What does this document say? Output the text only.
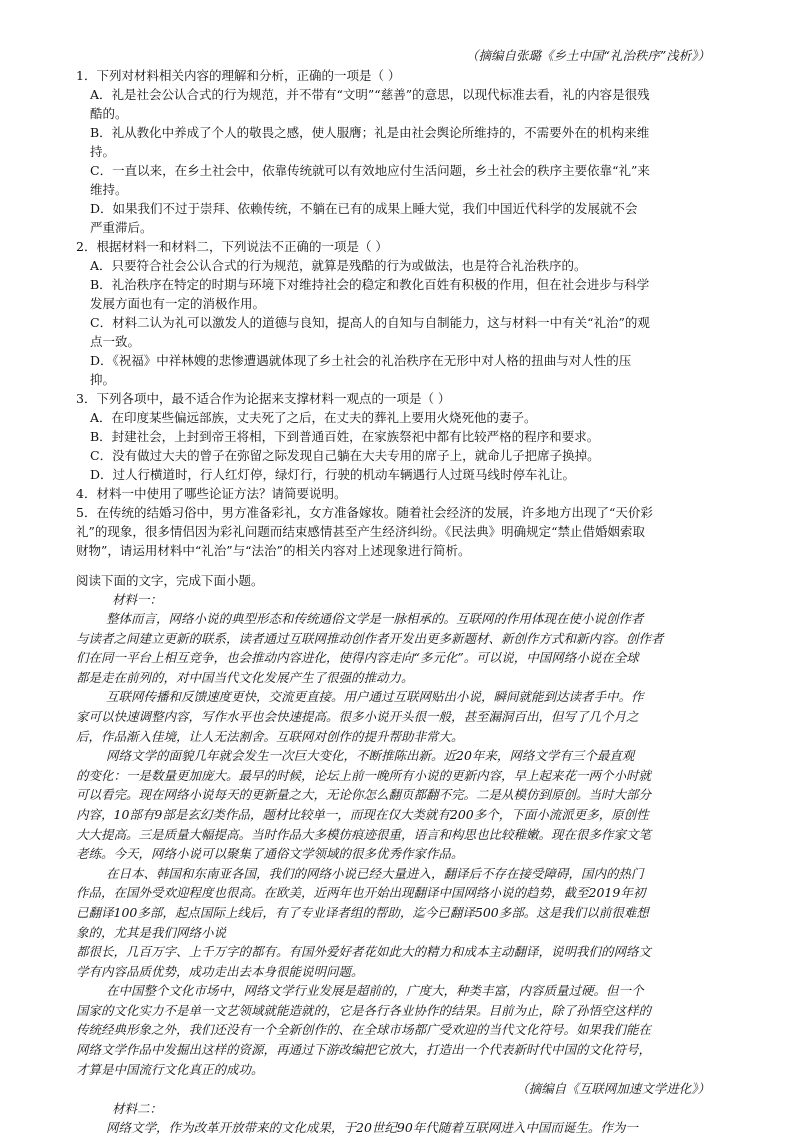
（摘编自张璐《乡土中国“礼治秩序”浅析》）
1．下列对材料相关内容的理解和分析，正确的一项是（ ）
A．礼是社会公认合式的行为规范，并不带有“文明”“慈善”的意思，以现代标准去看，礼的内容是很残
酷的。
B．礼从教化中养成了个人的敬畏之感，使人服膺；礼是由社会舆论所维持的，不需要外在的机构来维
持。
C．一直以来，在乡土社会中，依靠传统就可以有效地应付生活问题，乡土社会的秩序主要依靠“礼”来
维持。
D．如果我们不过于崇拜、依赖传统，不躺在已有的成果上睡大觉，我们中国近代科学的发展就不会
严重滞后。
2．根据材料一和材料二，下列说法不正确的一项是（ ）
A．只要符合社会公认合式的行为规范，就算是残酷的行为或做法，也是符合礼治秩序的。
B．礼治秩序在特定的时期与环境下对维持社会的稳定和教化百姓有积极的作用，但在社会进步与科学
发展方面也有一定的消极作用。
C．材料二认为礼可以激发人的道德与良知，提高人的自知与自制能力，这与材料一中有关“礼治”的观
点一致。
D．《祝福》中祥林嫂的悲惨遭遇就体现了乡土社会的礼治秩序在无形中对人格的扭曲与对人性的压
抑。
3．下列各项中，最不适合作为论据来支撑材料一观点的一项是（ ）
A．在印度某些偏远部族，丈夫死了之后，在丈夫的葬礼上要用火烧死他的妻子。
B．封建社会，上封到帝王将相，下到普通百姓，在家族祭祀中都有比较严格的程序和要求。
C．没有做过大夫的曾子在弥留之际发现自己躺在大夫专用的席子上，就命儿子把席子换掉。
D．过人行横道时，行人红灯停，绿灯行，行驶的机动车辆遇行人过斑马线时停车礼让。
4．材料一中使用了哪些论证方法？请简要说明。
5．在传统的结婚习俗中，男方准备彩礼，女方准备嫁妆。随着社会经济的发展，许多地方出现了“天价彩
礼”的现象，很多情侣因为彩礼问题而结束感情甚至产生经济纠纷。《民法典》明确规定“禁止借婚姻索取
财物”，请运用材料中“礼治”与“法治”的相关内容对上述现象进行简析。
阅读下面的文字，完成下面小题。
材料一：
整体而言，网络小说的典型形态和传统通俗文学是一脉相承的。互联网的作用体现在使小说创作者
与读者之间建立更新的联系，读者通过互联网推动创作者开发出更多新题材、新创作方式和新内容。创作者
们在同一平台上相互竞争，也会推动内容进化，使得内容走向“多元化”。可以说，中国网络小说在全球
都是走在前列的，对中国当代文化发展产生了很强的推动力。
互联网传播和反馈速度更快，交流更直接。用户通过互联网贴出小说，瞬间就能到达读者手中。作
家可以快速调整内容，写作水平也会快速提高。很多小说开头很一般，甚至漏洞百出，但写了几个月之
后，作品渐入佳境，让人无法割舍。互联网对创作的提升帮助非常大。
网络文学的面貌几年就会发生一次巨大变化，不断推陈出新。近20年来，网络文学有三个最直观
的变化：一是数量更加庞大。最早的时候，论坛上前一晚所有小说的更新内容，早上起来花一两个小时就
可以看完。现在网络小说每天的更新量之大，无论你怎么翻页都翻不完。二是从模仿到原创。当时大部分
内容，10部有9部是玄幻类作品，题材比较单一，而现在仅大类就有200多个，下面小流派更多，原创性
大大提高。三是质量大幅提高。当时作品大多模仿痕迹很重，语言和构思也比较稚嫩。现在很多作家文笔
老练。今天，网络小说可以聚集了通俗文学领域的很多优秀作家作品。
在日本、韩国和东南亚各国，我们的网络小说已经大量进入，翻译后不存在接受障碍，国内的热门
作品，在国外受欢迎程度也很高。在欧美，近两年也开始出现翻译中国网络小说的趋势，截至2019年初
已翻译100多部，起点国际上线后，有了专业译者组的帮助，迄今已翻译500多部。这是我们以前很难想
象的，尤其是我们网络小说
都很长，几百万字、上千万字的都有。有国外爱好者花如此大的精力和成本主动翻译，说明我们的网络文
学有内容品质优势，成功走出去本身很能说明问题。
在中国整个文化市场中，网络文学行业发展是超前的，广度大，种类丰富，内容质量过硬。但一个
国家的文化实力不是单一文艺领域就能造就的，它是各行各业协作的结果。目前为止，除了孙悟空这样的
传统经典形象之外，我们还没有一个全新创作的、在全球市场都广受欢迎的当代文化符号。如果我们能在
网络文学作品中发掘出这样的资源，再通过下游改编把它放大，打造出一个代表新时代中国的文化符号，
才算是中国流行文化真正的成功。
（摘编自《互联网加速文学进化》）
材料二：
网络文学，作为改革开放带来的文化成果，于20世纪90年代随着互联网进入中国而诞生。作为一
